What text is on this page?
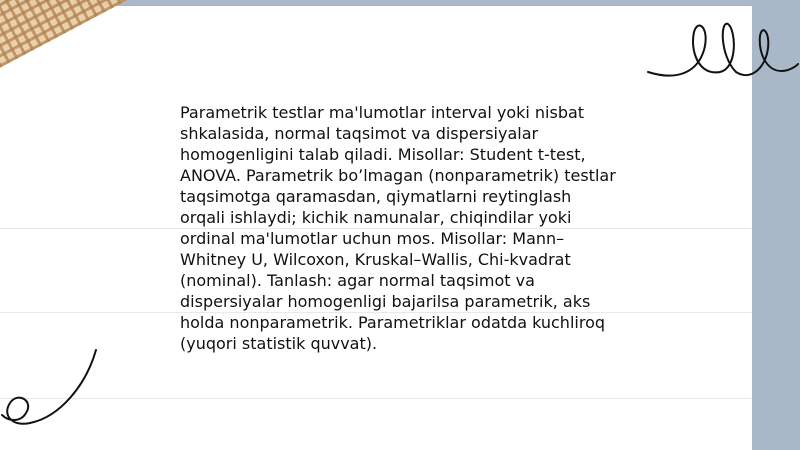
Parametrik testlar ma'lumotlar interval yoki nisbat shkalasida, normal taqsimot va dispersiyalar homogenligini talab qiladi. Misollar: Student t-test, ANOVA. Parametrik bo’lmagan (nonparametrik) testlar taqsimotga qaramasdan, qiymatlarni reytinglash orqali ishlaydi; kichik namunalar, chiqindilar yoki ordinal ma'lumotlar uchun mos. Misollar: Mann–Whitney U, Wilcoxon, Kruskal–Wallis, Chi-kvadrat (nominal). Tanlash: agar normal taqsimot va dispersiyalar homogenligi bajarilsa parametrik, aks holda nonparametrik. Parametriklar odatda kuchliroq (yuqori statistik quvvat).
